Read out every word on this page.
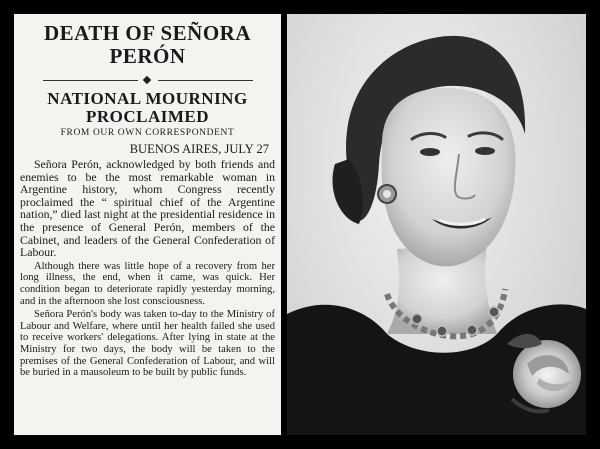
DEATH OF SEÑORA
PERÓN
NATIONAL MOURNING
PROCLAIMED
FROM OUR OWN CORRESPONDENT
BUENOS AIRES, JULY 27

Señora Perón, acknowledged by both friends and enemies to be the most remarkable woman in Argentine history, whom Congress recently proclaimed the “ spiritual chief of the Argentine nation,” died last night at the presidential residence in the presence of General Perón, members of the Cabinet, and leaders of the General Confederation of Labour.

Although there was little hope of a recovery from her long illness, the end, when it came, was quick. Her condition began to deteriorate rapidly yesterday morning, and in the afternoon she lost consciousness.

Señora Perón's body was taken to-day to the Ministry of Labour and Welfare, where until her health failed she used to receive workers' delegations. After lying in state at the Ministry for two days, the body will be taken to the premises of the General Confederation of Labour, and will be buried in a mausoleum to be built by public funds.
